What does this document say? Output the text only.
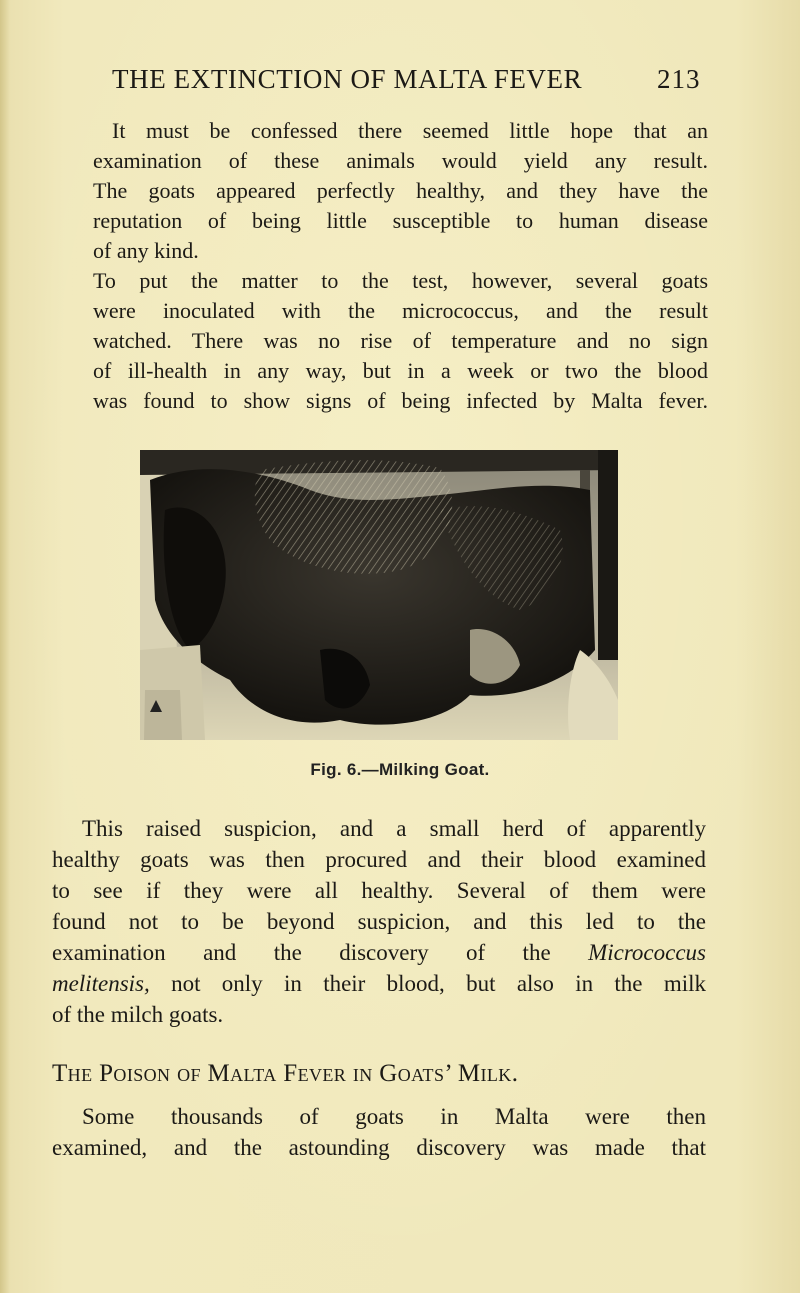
THE EXTINCTION OF MALTA FEVER	213
It must be confessed there seemed little hope that an
examination of these animals would yield any result.
The goats appeared perfectly healthy, and they have the
reputation of being little susceptible to human disease
of any kind.
To put the matter to the test, however, several goats
were inoculated with the micrococcus, and the result
watched. There was no rise of temperature and no sign
of ill-health in any way, but in a week or two the blood
was found to show signs of being infected by Malta fever.
Fig. 6.—Milking Goat.
This raised suspicion, and a small herd of apparently
healthy goats was then procured and their blood examined
to see if they were all healthy. Several of them were
found not to be beyond suspicion, and this led to the
examination and the discovery of the Micrococcus
melitensis, not only in their blood, but also in the milk
of the milch goats.
The Poison of Malta Fever in Goats’ Milk.
Some thousands of goats in Malta were then
examined, and the astounding discovery was made that
